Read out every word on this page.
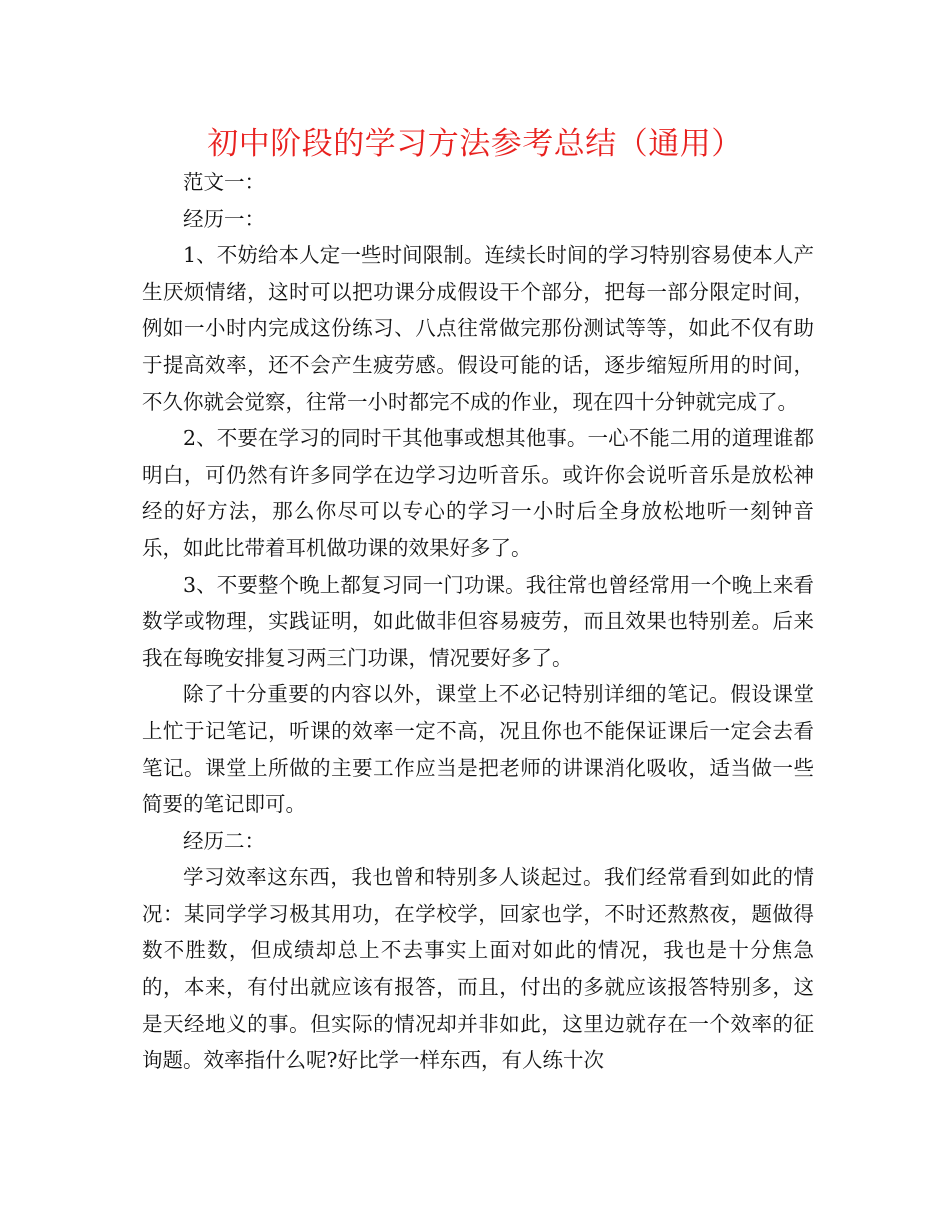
初中阶段的学习方法参考总结（通用）

范文一：

经历一：

1、不妨给本人定一些时间限制。连续长时间的学习特别容易使本人产生厌烦情绪，这时可以把功课分成假设干个部分，把每一部分限定时间，例如一小时内完成这份练习、八点往常做完那份测试等等，如此不仅有助于提高效率，还不会产生疲劳感。假设可能的话，逐步缩短所用的时间，不久你就会觉察，往常一小时都完不成的作业，现在四十分钟就完成了。

2、不要在学习的同时干其他事或想其他事。一心不能二用的道理谁都明白，可仍然有许多同学在边学习边听音乐。或许你会说听音乐是放松神经的好方法，那么你尽可以专心的学习一小时后全身放松地听一刻钟音乐，如此比带着耳机做功课的效果好多了。

3、不要整个晚上都复习同一门功课。我往常也曾经常用一个晚上来看数学或物理，实践证明，如此做非但容易疲劳，而且效果也特别差。后来我在每晚安排复习两三门功课，情况要好多了。

除了十分重要的内容以外，课堂上不必记特别详细的笔记。假设课堂上忙于记笔记，听课的效率一定不高，况且你也不能保证课后一定会去看笔记。课堂上所做的主要工作应当是把老师的讲课消化吸收，适当做一些简要的笔记即可。

经历二：

学习效率这东西，我也曾和特别多人谈起过。我们经常看到如此的情况：某同学学习极其用功，在学校学，回家也学，不时还熬熬夜，题做得数不胜数，但成绩却总上不去事实上面对如此的情况，我也是十分焦急的，本来，有付出就应该有报答，而且，付出的多就应该报答特别多，这是天经地义的事。但实际的情况却并非如此，这里边就存在一个效率的征询题。效率指什么呢?好比学一样东西，有人练十次
